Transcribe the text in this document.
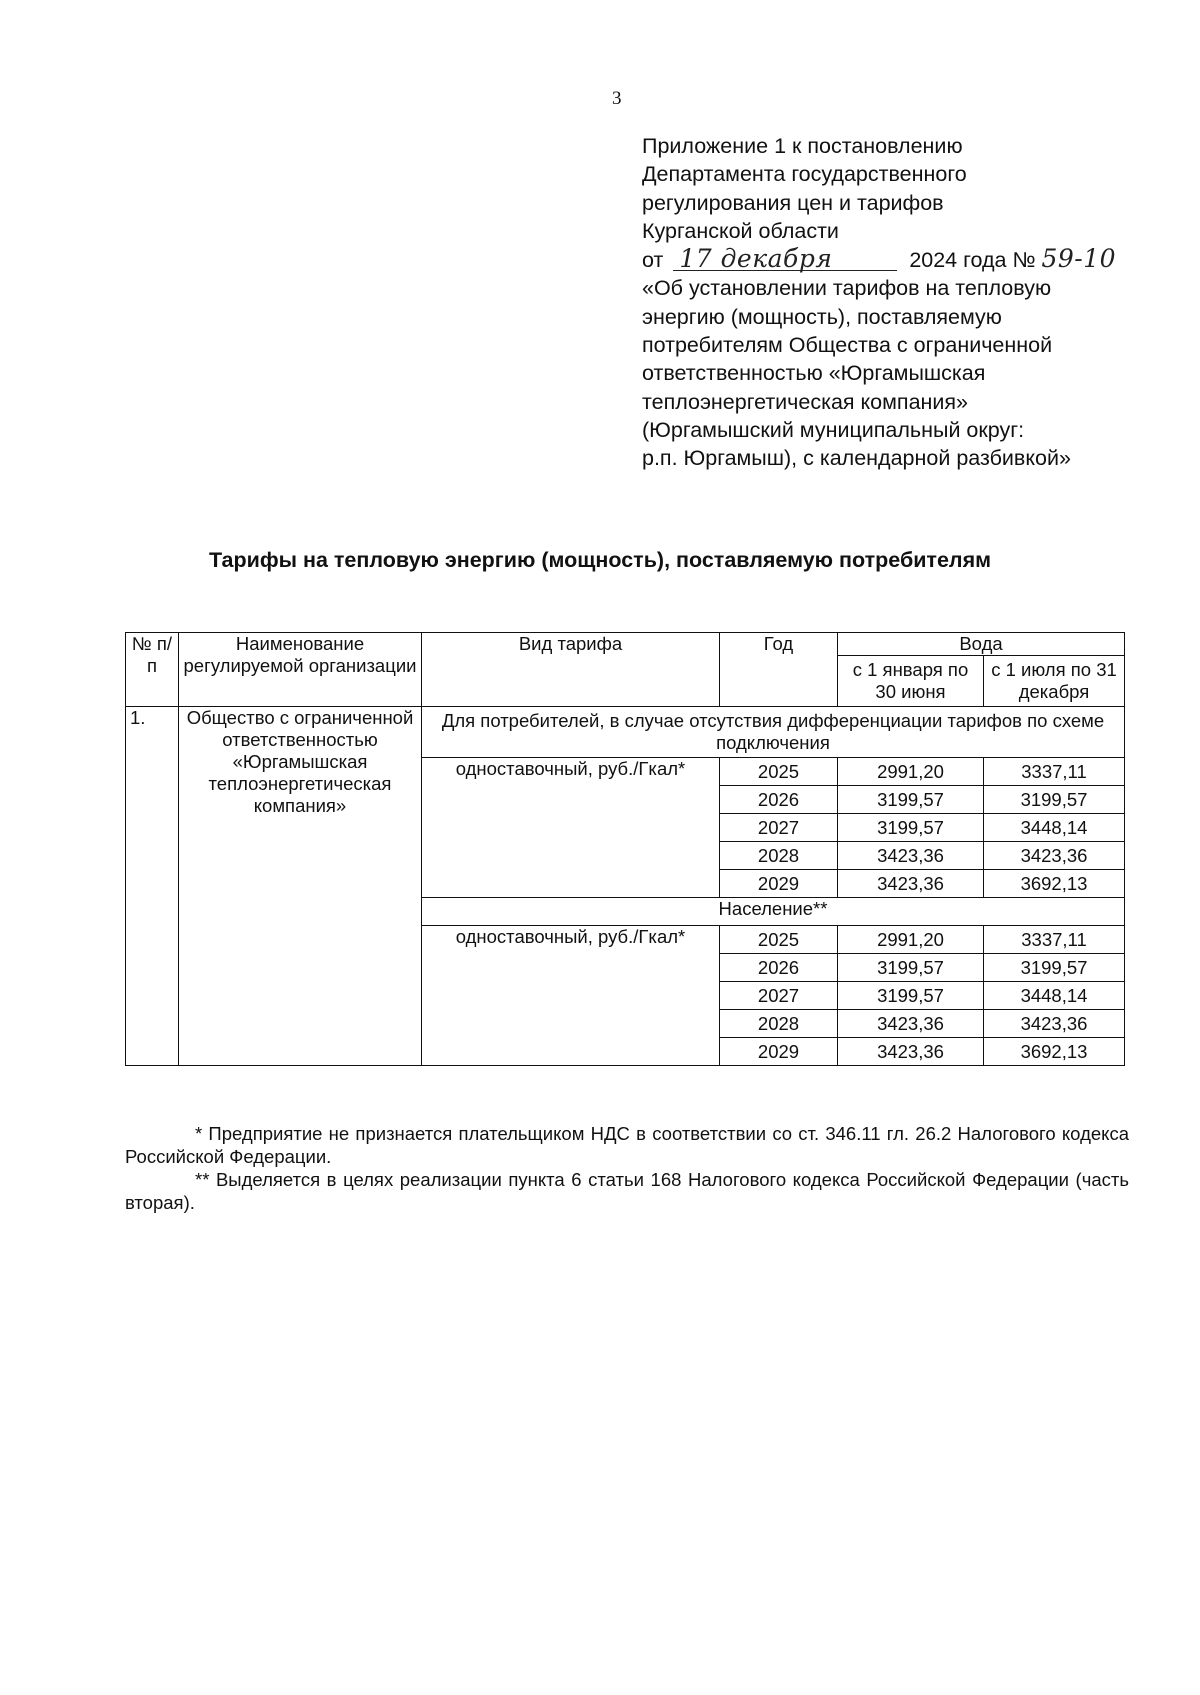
3
Приложение 1 к постановлению
Департамента государственного
регулирования цен и тарифов
Курганской области
от 17 декабря	2024 года № 59-10
«Об установлении тарифов на тепловую
энергию (мощность), поставляемую
потребителям Общества с ограниченной
ответственностью «Юргамышская
теплоэнергетическая компания»
(Юргамышский муниципальный округ:
р.п. Юргамыш), с календарной разбивкой»
Тарифы на тепловую энергию (мощность), поставляемую потребителям
№ п/п	Наименование регулируемой организации	Вид тарифа	Год	Вода	
				с 1 января по 30 июня	с 1 июля по 31 декабря
1.	Общество с ограниченной ответственностью «Юргамышская теплоэнергетическая компания»	Для потребителей, в случае отсутствия дифференциации тарифов по схеме подключения			
		одноставочный, руб./Гкал*	2025	2991,20	3337,11
			2026	3199,57	3199,57
			2027	3199,57	3448,14
			2028	3423,36	3423,36
			2029	3423,36	3692,13
		Население**			
		одноставочный, руб./Гкал*	2025	2991,20	3337,11
			2026	3199,57	3199,57
			2027	3199,57	3448,14
			2028	3423,36	3423,36
			2029	3423,36	3692,13

* Предприятие не признается плательщиком НДС в соответствии со ст. 346.11 гл. 26.2 Налогового кодекса Российской Федерации.

** Выделяется в целях реализации пункта 6 статьи 168 Налогового кодекса Российской Федерации (часть вторая).
